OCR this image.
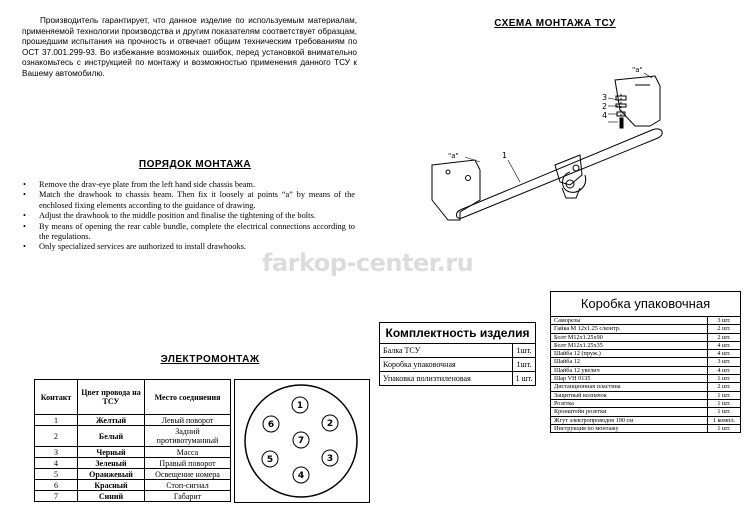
Производитель гарантирует, что данное изделие по используемым материалам, применяемой технологии производства и другим показателям соответствует образцам, прошедшим испытания на прочность и отвечает общим техническим требованиям по ОСТ 37.001.299-93. Во избежание возможных ошибок, перед установкой внимательно ознакомьтесь с инструкцией по монтажу и возможностью применения данного ТСУ к Вашему автомобилю.

СХЕМА МОНТАЖА ТСУ
1
3
2
4
"a"
"a"
ПОРЯДОК МОНТАЖА
• Remove the drav-eye plate from the left hand side chassis beam.
• Match the drawhook to chassis beam. Then fix it loosely at points “a” by means of the enchlosed fixing elements according to the guidance of drawing.
• Adjust the drawhook to the middle position and finalise the tightening of the bolts.
• By means of opening the rear cable bundle, complete the electrical connections according to the regulations.
• Only specialized services are authorized to install drawhooks.
farkop-center.ru
ЭЛЕКТРОМОНТАЖ
Контакт	Цвет провода на ТСУ	Место соединения
1	Желтый	Левый поворот
2	Белый	Задний противотуманный
3	Черный	Масса
4	Зеленый	Правый поворот
5	Оранжевый	Освещение номера
6	Красный	Стоп-сигнал
7	Синий	Габарит
1
2
3
4
5
6
7
Комплектность изделия
Балка ТСУ	1шт.
Коробка упаковочная	1шт.
Упаковка полиэтиленовая	1 шт.
Коробка упаковочная
Саморезы	3 шт.
Гайка М 12х1.25 с/контр.	2 шт.
Болт М12х1.25х90	2 шт.
Болт М12х1.25х35	4 шт.
Шайба 12 (пруж.)	4 шт.
Шайба 12	3 шт.
Шайба 12 увелич	4 шт.
Шар VH 0135	1 шт.
Дистанционная пластина	2 шт.
Защитный колпачок	1 шт.
Розетка	1 шт.
Кронштейн розетки	1 шт.
Жгут электропроводов 190 см	1 компл.
Инструкция по монтажу	1 шт.
